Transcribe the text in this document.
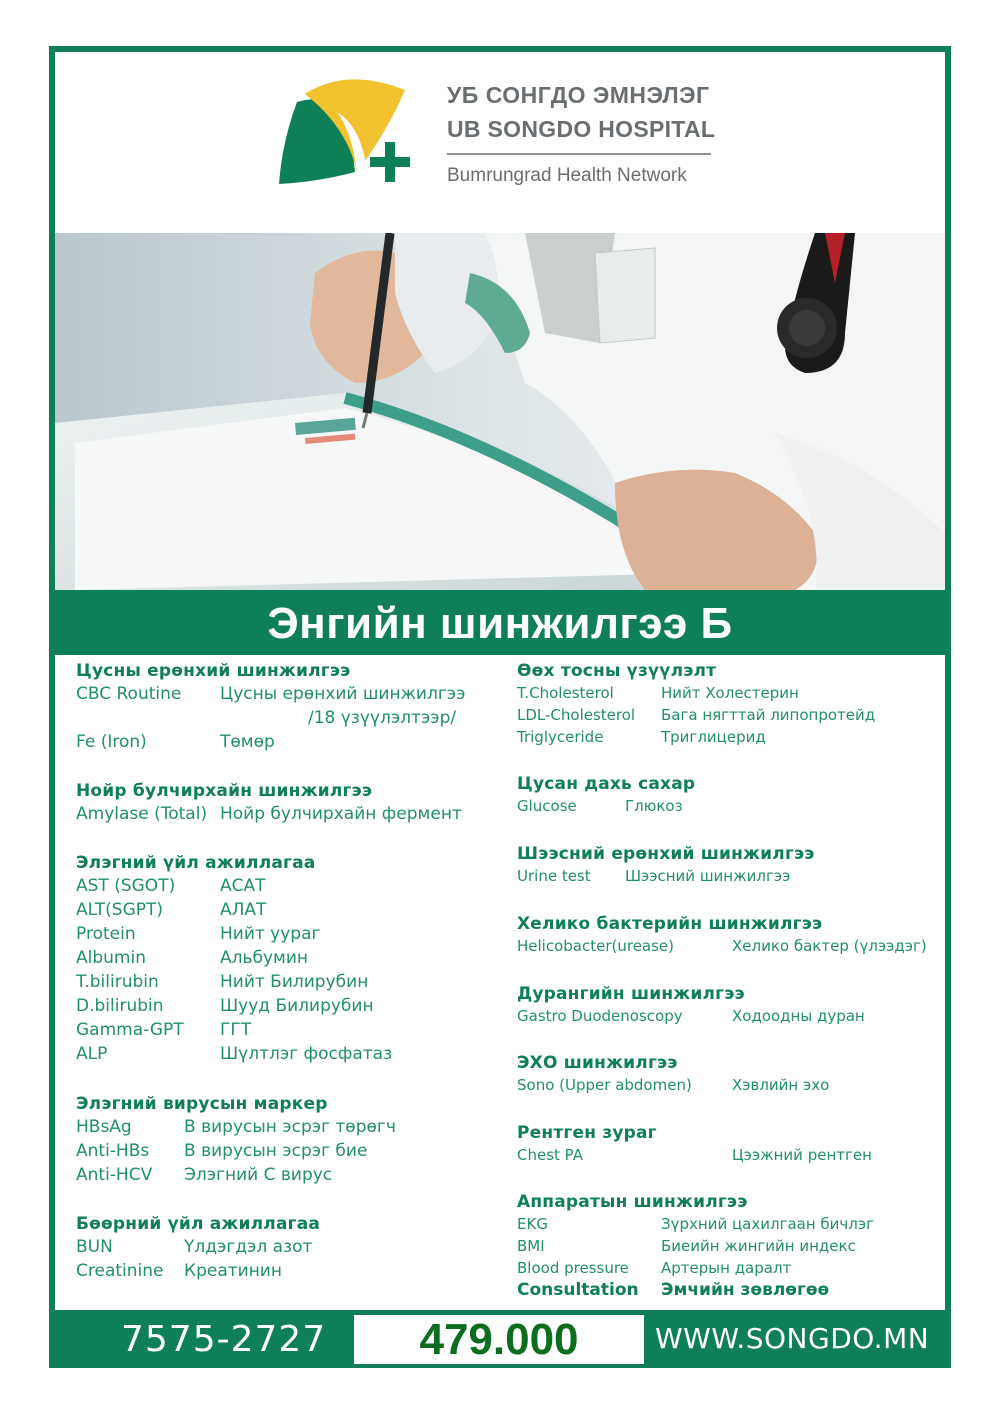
УБ СОНГДО ЭМНЭЛЭГ
UB SONGDO HOSPITAL
Bumrungrad Health Network
Энгийн шинжилгээ Б
Цусны ерөнхий шинжилгээ
CBC Routine	Цусны ерөнхий шинжилгээ
/18 үзүүлэлтээр/
Fe (Iron)	Төмөр
Нойр булчирхайн шинжилгээ
Amylase (Total) Нойр булчирхайн фермент
Элэгний үйл ажиллагаа
AST (SGOT)	АСАТ
ALT(SGPT)	АЛАТ
Protein	Нийт уураг
Albumin	Альбумин
T.bilirubin	Нийт Билирубин
D.bilirubin	Шууд Билирубин
Gamma-GPT	ГГТ
ALP	Шүлтлэг фосфатаз
Элэгний вирусын маркер
HBsAg	В вирусын эсрэг төрөгч
Anti-HBs	В вирусын эсрэг бие
Anti-HCV	Элэгний С вирус
Бөөрний үйл ажиллагаа
BUN	Үлдэгдэл азот
Creatinine	Креатинин
Өөх тосны үзүүлэлт
T.Cholesterol	Нийт Холестерин
LDL-Cholesterol	Бага нягттай липопротейд
Triglyceride	Триглицерид
Цусан дахь сахар
Glucose	Глюкоз
Шээсний ерөнхий шинжилгээ
Urine test	Шээсний шинжилгээ
Хелико бактерийн шинжилгээ
Helicobacter(urease)	Хелико бактер (үлээдэг)
Дурангийн шинжилгээ
Gastro Duodenoscopy	Ходоодны дуран
ЭХО шинжилгээ
Sono (Upper abdomen)	Хэвлийн эхо
Рентген зураг
Chest PA	Цээжний рентген
Аппаратын шинжилгээ
EKG	Зүрхний цахилгаан бичлэг
BMI	Биеийн жингийн индекс
Blood pressure	Артерын даралт
Consultation	Эмчийн зөвлөгөө
7575-2727	479.000	WWW.SONGDO.MN
